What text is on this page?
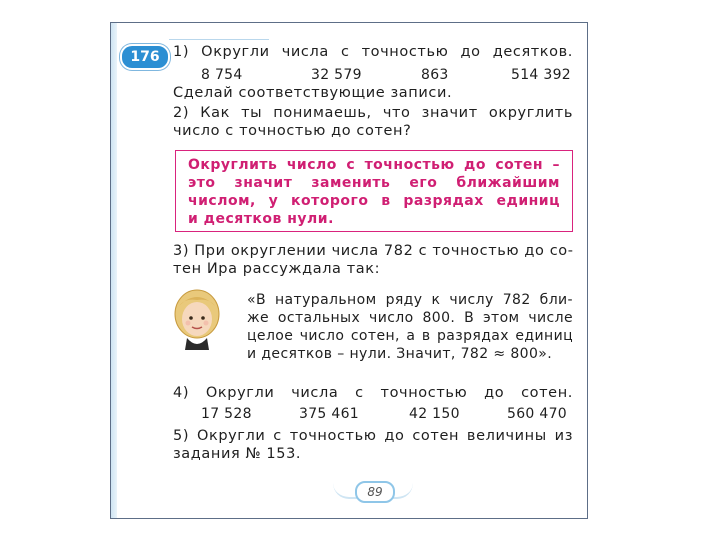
176 1) Округли числа с точностью до десятков.
8 754	32 579	863	514 392
Сделай соответствующие записи.
2) Как ты понимаешь, что значит округлить
число с точностью до сотен?
Округлить число с точностью до сотен –
это значит заменить его ближайшим
числом, у которого в разрядах единиц
и десятков нули.
3) При округлении числа 782 с точностью до со-
тен Ира рассуждала так:
«В натуральном ряду к числу 782 бли-
же остальных число 800. В этом числе
целое число сотен, а в разрядах единиц
и десятков – нули. Значит, 782 ≈ 800».
4) Округли числа с точностью до сотен.
17 528	375 461	42 150	560 470
5) Округли с точностью до сотен величины из
задания № 153.
89
